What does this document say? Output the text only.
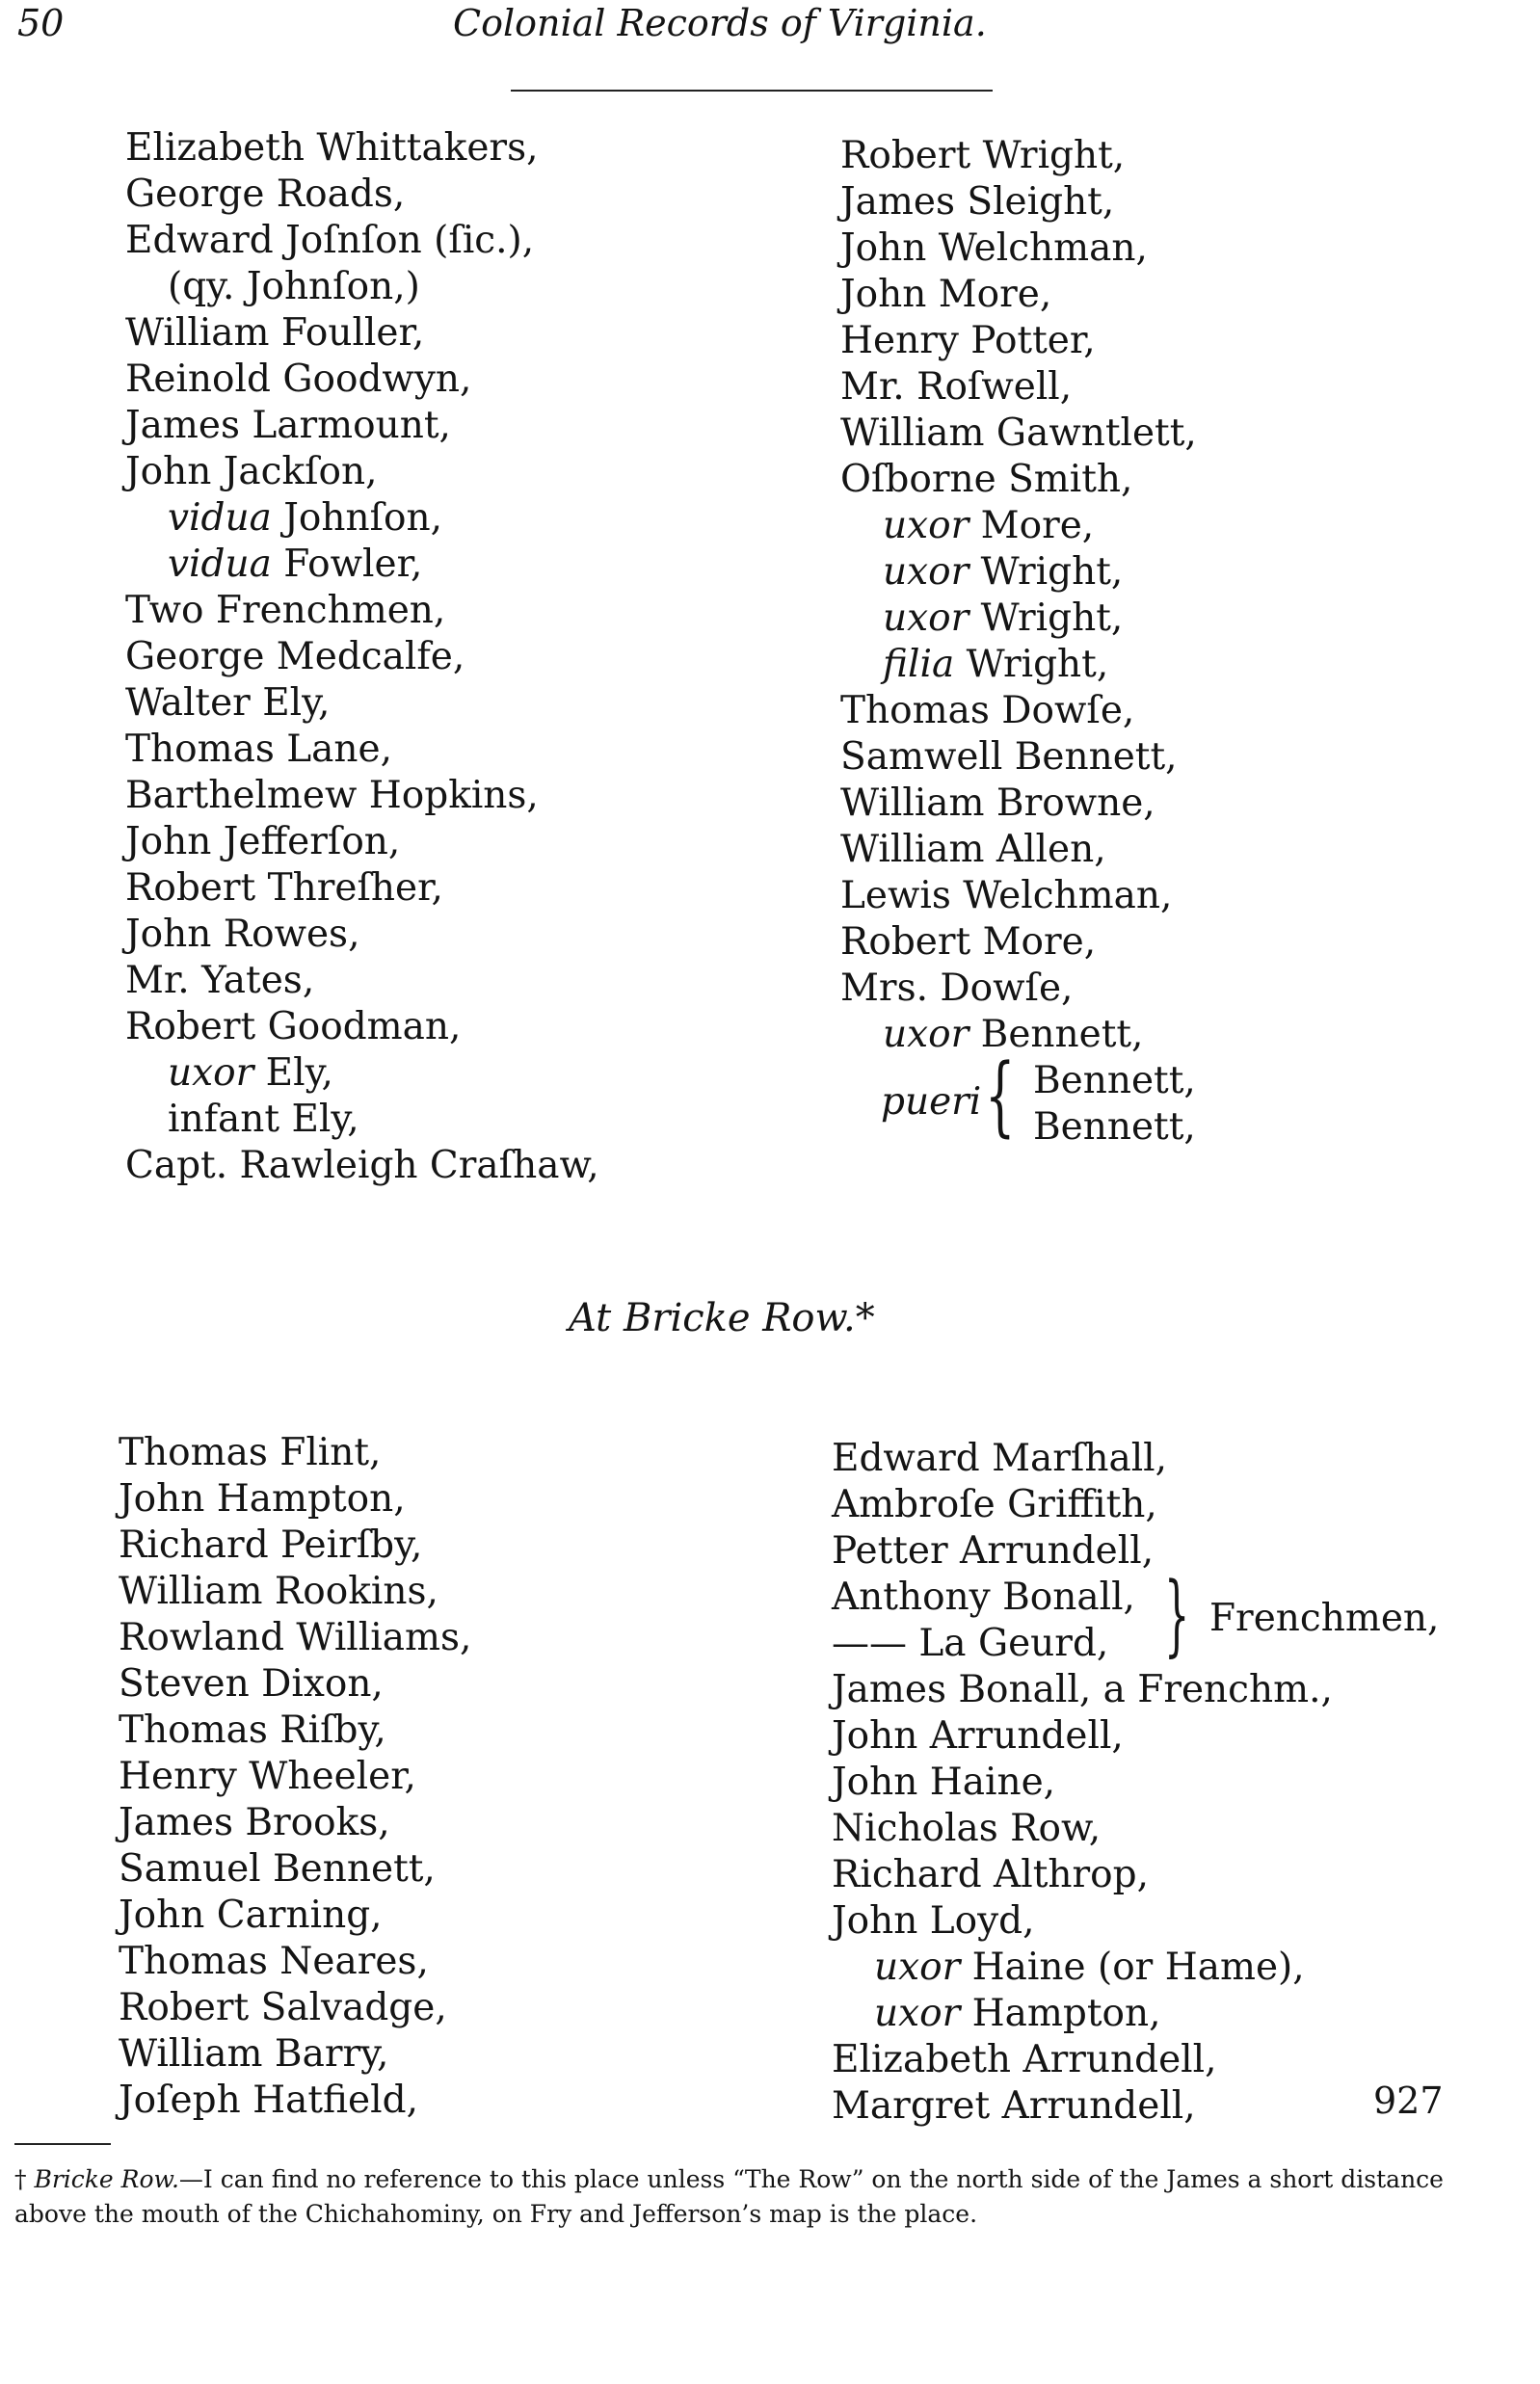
50	Colonial Records of Virginia.
Elizabeth Whittakers,
George Roads,
Edward Joſnſon (ſic.),
(qy. Johnſon,)
William Fouller,
Reinold Goodwyn,
James Larmount,
John Jackſon,
vidua Johnſon,
vidua Fowler,
Two Frenchmen,
George Medcalfe,
Walter Ely,
Thomas Lane,
Barthelmew Hopkins,
John Jefferſon,
Robert Threſher,
John Rowes,
Mr. Yates,
Robert Goodman,
uxor Ely,
infant Ely,
Capt. Rawleigh Craſhaw,
Robert Wright,
James Sleight,
John Welchman,
John More,
Henry Potter,
Mr. Roſwell,
William Gawntlett,
Oſborne Smith,
uxor More,
uxor Wright,
uxor Wright,
filia Wright,
Thomas Dowſe,
Samwell Bennett,
William Browne,
William Allen,
Lewis Welchman,
Robert More,
Mrs. Dowſe,
uxor Bennett,
pueri { Bennett,
Bennett,
At Bricke Row.*
Thomas Flint,
John Hampton,
Richard Peirſby,
William Rookins,
Rowland Williams,
Steven Dixon,
Thomas Riſby,
Henry Wheeler,
James Brooks,
Samuel Bennett,
John Carning,
Thomas Neares,
Robert Salvadge,
William Barry,
Joſeph Hatfield,
Edward Marſhall,
Ambroſe Griffith,
Petter Arrundell,
Anthony Bonall,
—— La Geurd, } Frenchmen,
James Bonall, a Frenchm.,
John Arrundell,
John Haine,
Nicholas Row,
Richard Althrop,
John Loyd,
uxor Haine (or Hame),
uxor Hampton,
Elizabeth Arrundell,
Margret Arrundell,	927
† Bricke Row.—I can find no reference to this place unless “The Row” on the north side of the James a short distance above the mouth of the Chichahominy, on Fry and Jefferson’s map is the place.
